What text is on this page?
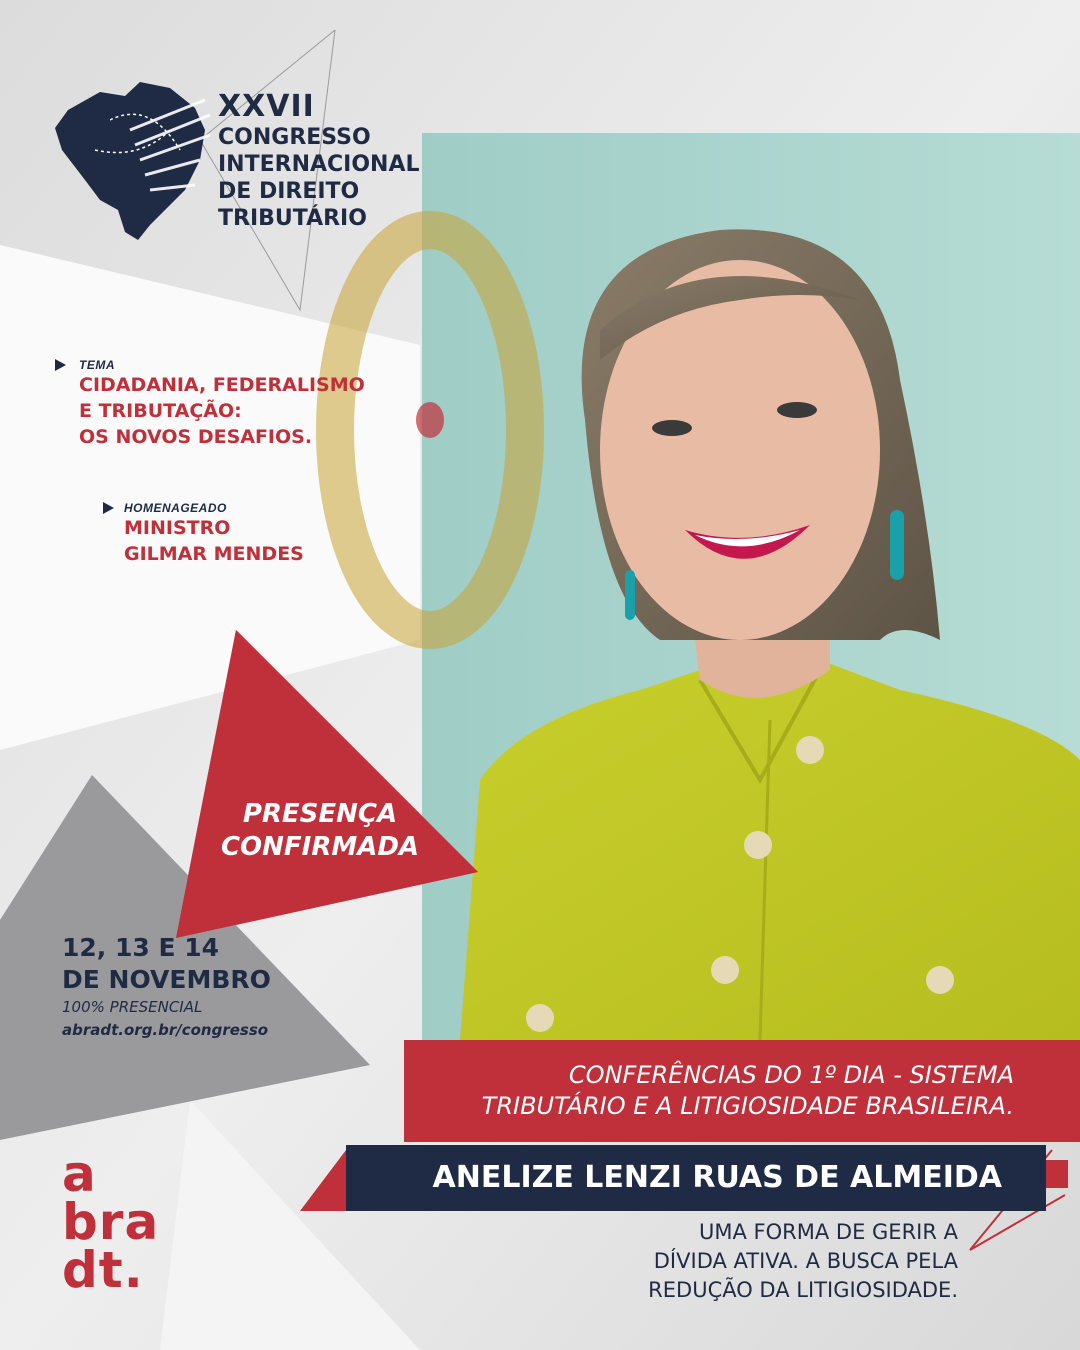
XXVII
CONGRESSO
INTERNACIONAL
DE DIREITO
TRIBUTÁRIO
TEMA
CIDADANIA, FEDERALISMO
E TRIBUTAÇÃO:
OS NOVOS DESAFIOS.
HOMENAGEADO
MINISTRO
GILMAR MENDES
PRESENÇA
CONFIRMADA
12, 13 E 14
DE NOVEMBRO
100% PRESENCIAL
abradt.org.br/congresso
a
bra
dt.
CONFERÊNCIAS DO 1º DIA - SISTEMA
TRIBUTÁRIO E A LITIGIOSIDADE BRASILEIRA.
ANELIZE LENZI RUAS DE ALMEIDA
UMA FORMA DE GERIR A
DÍVIDA ATIVA. A BUSCA PELA
REDUÇÃO DA LITIGIOSIDADE.
